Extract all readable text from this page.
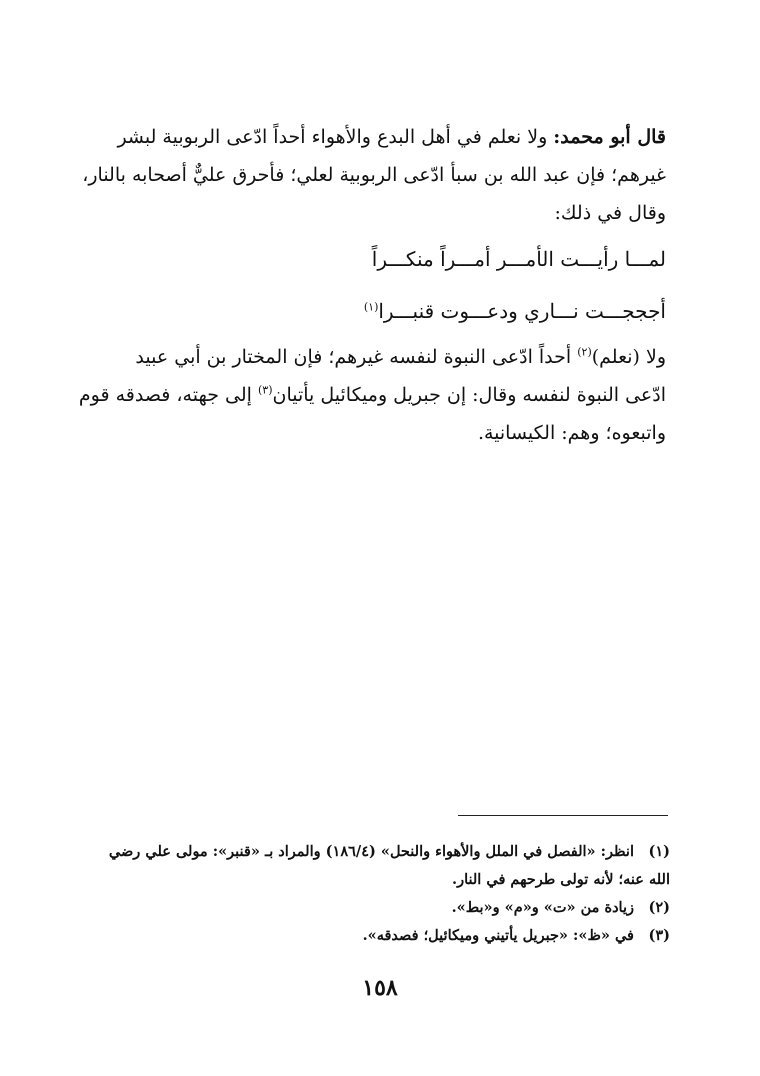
قال أبو محمد: ولا نعلم في أهل البدع والأهواء أحداً ادّعى الربوبية لبشر
غيرهم؛ فإن عبد الله بن سبأ ادّعى الربوبية لعلي؛ فأحرق عليٌّ أصحابه بالنار،
وقال في ذلك:
لمـــا رأيـــت الأمـــر أمـــراً منكـــراً
أجججـــت نـــاري ودعـــوت قنبـــرا$^{(١)}$
ولا (نعلم)$^{(٢)}$ أحداً ادّعى النبوة لنفسه غيرهم؛ فإن المختار بن أبي عبيد
ادّعى النبوة لنفسه وقال: إن جبريل وميكائيل يأتيان$^{(٣)}$ إلى جهته، فصدقه قوم
واتبعوه؛ وهم: الكيسانية.
(١)انظر: «الفصل في الملل والأهواء والنحل» (١٨٦/٤) والمراد بـ «قنبر»: مولى علي رضي
الله عنه؛ لأنه تولى طرحهم في النار.
(٢)زيادة من «ت» و«م» و«بط».
(٣)في «ظ»: «جبريل يأتيني وميكائيل؛ فصدقه».
١٥٨
